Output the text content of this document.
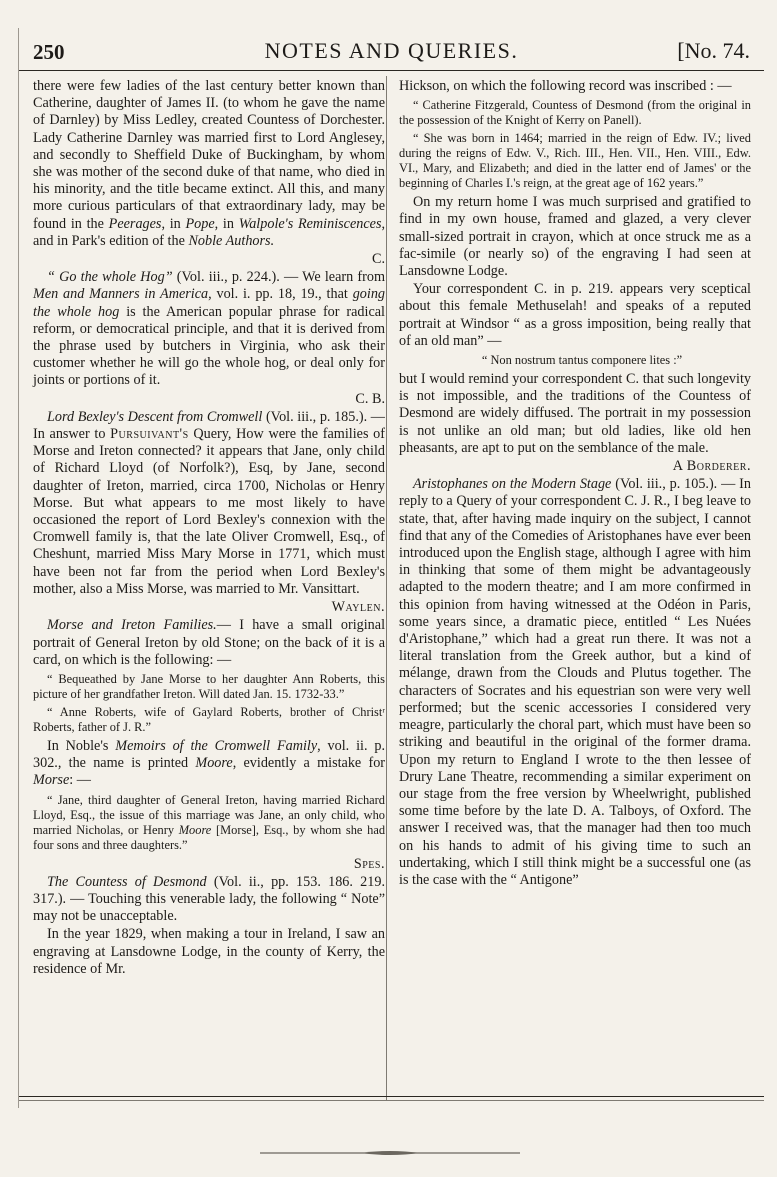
250	NOTES AND QUERIES.	[No. 74.

there were few ladies of the last century better known than Catherine, daughter of James II. (to whom he gave the name of Darnley) by Miss Ledley, created Countess of Dorchester. Lady Catherine Darnley was married first to Lord Anglesey, and secondly to Sheffield Duke of Buckingham, by whom she was mother of the second duke of that name, who died in his minority, and the title became extinct. All this, and many more curious particulars of that extraordinary lady, may be found in the Peerages, in Pope, in Walpole's Reminiscences, and in Park's edition of the Noble Authors.

C.

“ Go the whole Hog” (Vol. iii., p. 224.). — We learn from Men and Manners in America, vol. i. pp. 18, 19., that going the whole hog is the American popular phrase for radical reform, or democratical principle, and that it is derived from the phrase used by butchers in Virginia, who ask their customer whether he will go the whole hog, or deal only for joints or portions of it.

C. B.

Lord Bexley's Descent from Cromwell (Vol. iii., p. 185.). — In answer to Pursuivant's Query, How were the families of Morse and Ireton connected? it appears that Jane, only child of Richard Lloyd (of Norfolk?), Esq, by Jane, second daughter of Ireton, married, circa 1700, Nicholas or Henry Morse. But what appears to me most likely to have occasioned the report of Lord Bexley's connexion with the Cromwell family is, that the late Oliver Cromwell, Esq., of Cheshunt, married Miss Mary Morse in 1771, which must have been not far from the period when Lord Bexley's mother, also a Miss Morse, was married to Mr. Vansittart.

Waylen.

Morse and Ireton Families.— I have a small original portrait of General Ireton by old Stone; on the back of it is a card, on which is the following: —

“ Bequeathed by Jane Morse to her daughter Ann Roberts, this picture of her grandfather Ireton. Will dated Jan. 15. 1732-33.”

“ Anne Roberts, wife of Gaylard Roberts, brother of Christʳ Roberts, father of J. R.”

In Noble's Memoirs of the Cromwell Family, vol. ii. p. 302., the name is printed Moore, evidently a mistake for Morse: —

“ Jane, third daughter of General Ireton, having married Richard Lloyd, Esq., the issue of this marriage was Jane, an only child, who married Nicholas, or Henry Moore [Morse], Esq., by whom she had four sons and three daughters.”

Spes.

The Countess of Desmond (Vol. ii., pp. 153. 186. 219. 317.). — Touching this venerable lady, the following “ Note” may not be unacceptable.

In the year 1829, when making a tour in Ireland, I saw an engraving at Lansdowne Lodge, in the county of Kerry, the residence of Mr.

Hickson, on which the following record was inscribed : —

“ Catherine Fitzgerald, Countess of Desmond (from the original in the possession of the Knight of Kerry on Panell).

“ She was born in 1464; married in the reign of Edw. IV.; lived during the reigns of Edw. V., Rich. III., Hen. VII., Hen. VIII., Edw. VI., Mary, and Elizabeth; and died in the latter end of James' or the beginning of Charles I.'s reign, at the great age of 162 years.”

On my return home I was much surprised and gratified to find in my own house, framed and glazed, a very clever small-sized portrait in crayon, which at once struck me as a fac-simile (or nearly so) of the engraving I had seen at Lansdowne Lodge.

Your correspondent C. in p. 219. appears very sceptical about this female Methuselah! and speaks of a reputed portrait at Windsor “ as a gross imposition, being really that of an old man” —

“ Non nostrum tantus componere lites :”

but I would remind your correspondent C. that such longevity is not impossible, and the traditions of the Countess of Desmond are widely diffused. The portrait in my possession is not unlike an old man; but old ladies, like old hen pheasants, are apt to put on the semblance of the male.

A Borderer.

Aristophanes on the Modern Stage (Vol. iii., p. 105.). — In reply to a Query of your correspondent C. J. R., I beg leave to state, that, after having made inquiry on the subject, I cannot find that any of the Comedies of Aristophanes have ever been introduced upon the English stage, although I agree with him in thinking that some of them might be advantageously adapted to the modern theatre; and I am more confirmed in this opinion from having witnessed at the Odéon in Paris, some years since, a dramatic piece, entitled “ Les Nuées d'Aristophane,” which had a great run there. It was not a literal translation from the Greek author, but a kind of mélange, drawn from the Clouds and Plutus together. The characters of Socrates and his equestrian son were very well performed; but the scenic accessories I considered very meagre, particularly the choral part, which must have been so striking and beautiful in the original of the former drama. Upon my return to England I wrote to the then lessee of Drury Lane Theatre, recommending a similar experiment on our stage from the free version by Wheelwright, published some time before by the late D. A. Talboys, of Oxford. The answer I received was, that the manager had then too much on his hands to admit of his giving time to such an undertaking, which I still think might be a successful one (as is the case with the “ Antigone”
